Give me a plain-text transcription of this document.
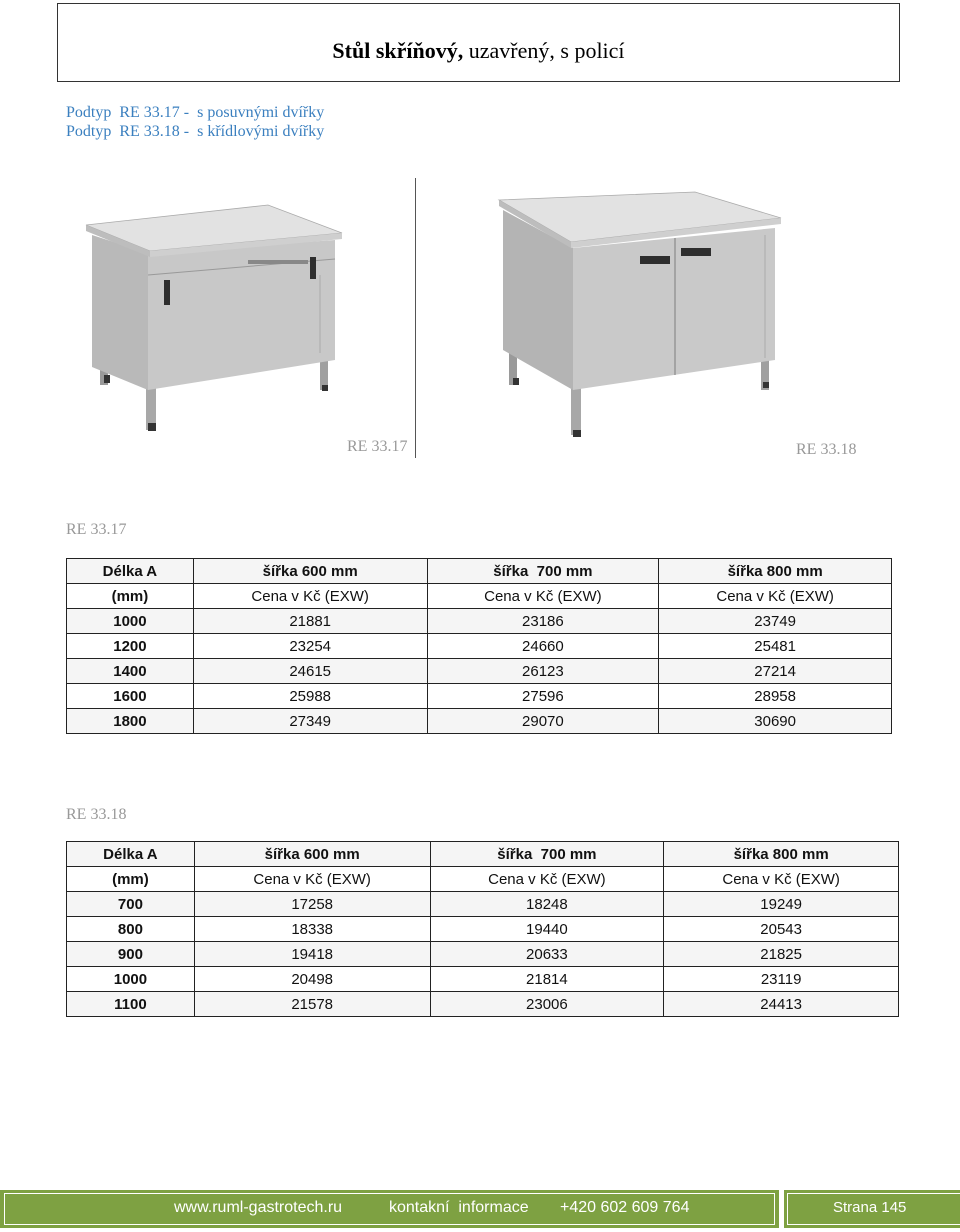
Stůl skříňový, uzavřený, s policí
Podtyp  RE 33.17 -  s posuvnými dvířky
Podtyp  RE 33.18 -  s křídlovými dvířky
RE 33.17	RE 33.18
RE 33.17
Délka A	šířka 600 mm	šířka  700 mm	šířka 800 mm
(mm)	Cena v Kč (EXW)	Cena v Kč (EXW)	Cena v Kč (EXW)
1000	21881	23186	23749
1200	23254	24660	25481
1400	24615	26123	27214
1600	25988	27596	28958
1800	27349	29070	30690
RE 33.18
Délka A	šířka 600 mm	šířka  700 mm	šířka 800 mm
(mm)	Cena v Kč (EXW)	Cena v Kč (EXW)	Cena v Kč (EXW)
700	17258	18248	19249
800	18338	19440	20543
900	19418	20633	21825
1000	20498	21814	23119
1100	21578	23006	24413
www.ruml-gastrotech.ru	kontakní  informace +420 602 609 764	Strana 145
